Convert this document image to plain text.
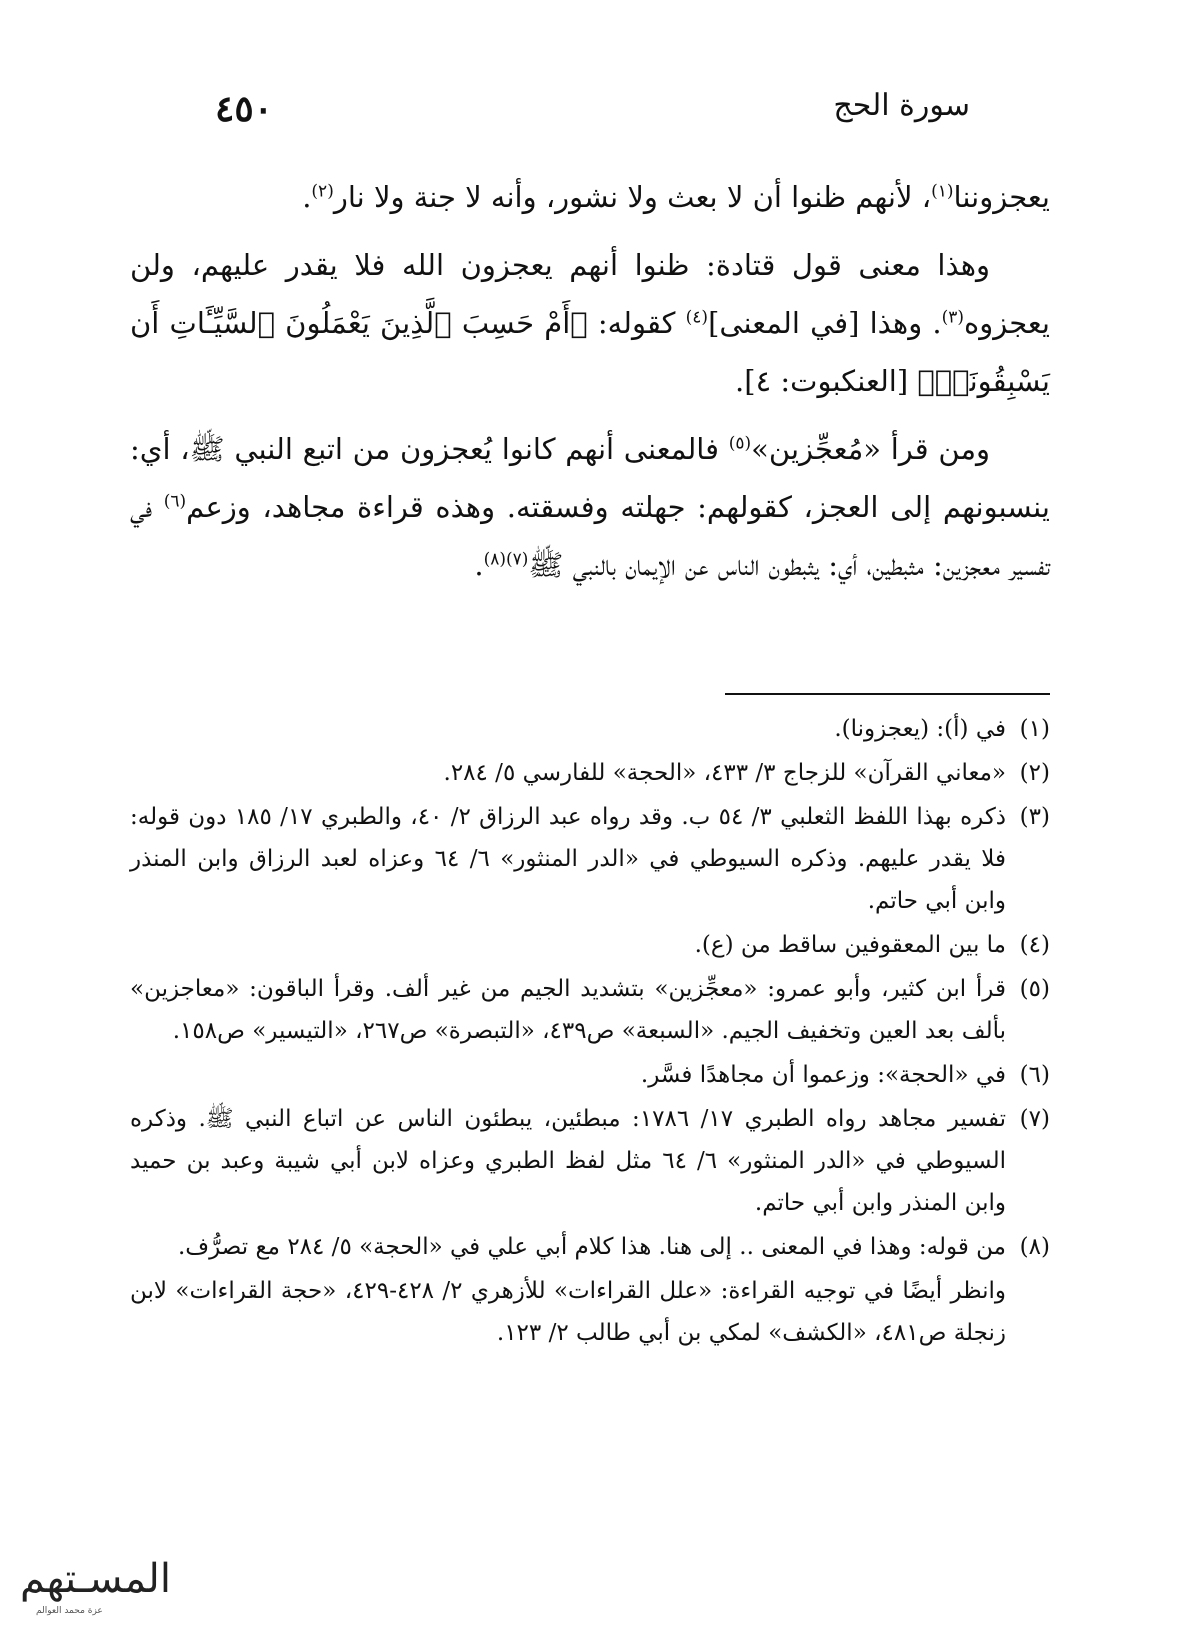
٤٥٠	سورة الحج

يعجزوننا$^{(١)}$، لأنهم ظنوا أن لا بعث ولا نشور، وأنه لا جنة ولا نار$^{(٢)}$.

وهذا معنى قول قتادة: ظنوا أنهم يعجزون الله فلا يقدر عليهم، ولن يعجزوه$^{(٣)}$. وهذا [في المعنى]$^{(٤)}$ كقوله: ﴿أَمْ حَسِبَ ٱلَّذِينَ يَعْمَلُونَ ٱلسَّيِّـَٔاتِ أَن يَسْبِقُونَاۚ﴾ [العنكبوت: ٤].

ومن قرأ «مُعجِّزين»$^{(٥)}$ فالمعنى أنهم كانوا يُعجزون من اتبع النبي ﷺ، أي: ينسبونهم إلى العجز، كقولهم: جهلته وفسقته. وهذه قراءة مجاهد، وزعم$^{(٦)}$ في تفسير معجزين: مثبطين، أي: يثبطون الناس عن الإيمان بالنبي ﷺ$^{(٧)(٨)}$.

(١)
في (أ): (يعجزونا).
(٢)
«معاني القرآن» للزجاج ٣/ ٤٣٣، «الحجة» للفارسي ٥/ ٢٨٤.
(٣)
ذكره بهذا اللفظ الثعلبي ٣/ ٥٤ ب. وقد رواه عبد الرزاق ٢/ ٤٠، والطبري ١٧/ ١٨٥ دون قوله: فلا يقدر عليهم. وذكره السيوطي في «الدر المنثور» ٦/ ٦٤ وعزاه لعبد الرزاق وابن المنذر وابن أبي حاتم.
(٤)
ما بين المعقوفين ساقط من (ع).
(٥)
قرأ ابن كثير، وأبو عمرو: «معجِّزين» بتشديد الجيم من غير ألف. وقرأ الباقون: «معاجزين» بألف بعد العين وتخفيف الجيم. «السبعة» ص٤٣٩، «التبصرة» ص٢٦٧، «التيسير» ص١٥٨.
(٦)
في «الحجة»: وزعموا أن مجاهدًا فسَّر.
(٧)
تفسير مجاهد رواه الطبري ١٧/ ١٧٨٦: مبطئين، يبطئون الناس عن اتباع النبي ﷺ. وذكره السيوطي في «الدر المنثور» ٦/ ٦٤ مثل لفظ الطبري وعزاه لابن أبي شيبة وعبد بن حميد وابن المنذر وابن أبي حاتم.
(٨)
من قوله: وهذا في المعنى .. إلى هنا. هذا كلام أبي علي في «الحجة» ٥/ ٢٨٤ مع تصرُّف.
وانظر أيضًا في توجيه القراءة: «علل القراءات» للأزهري ٢/ ٤٢٨-٤٢٩، «حجة القراءات» لابن زنجلة ص٤٨١، «الكشف» لمكي بن أبي طالب ٢/ ١٢٣.
المسـتهم
عزة محمد العوالم
